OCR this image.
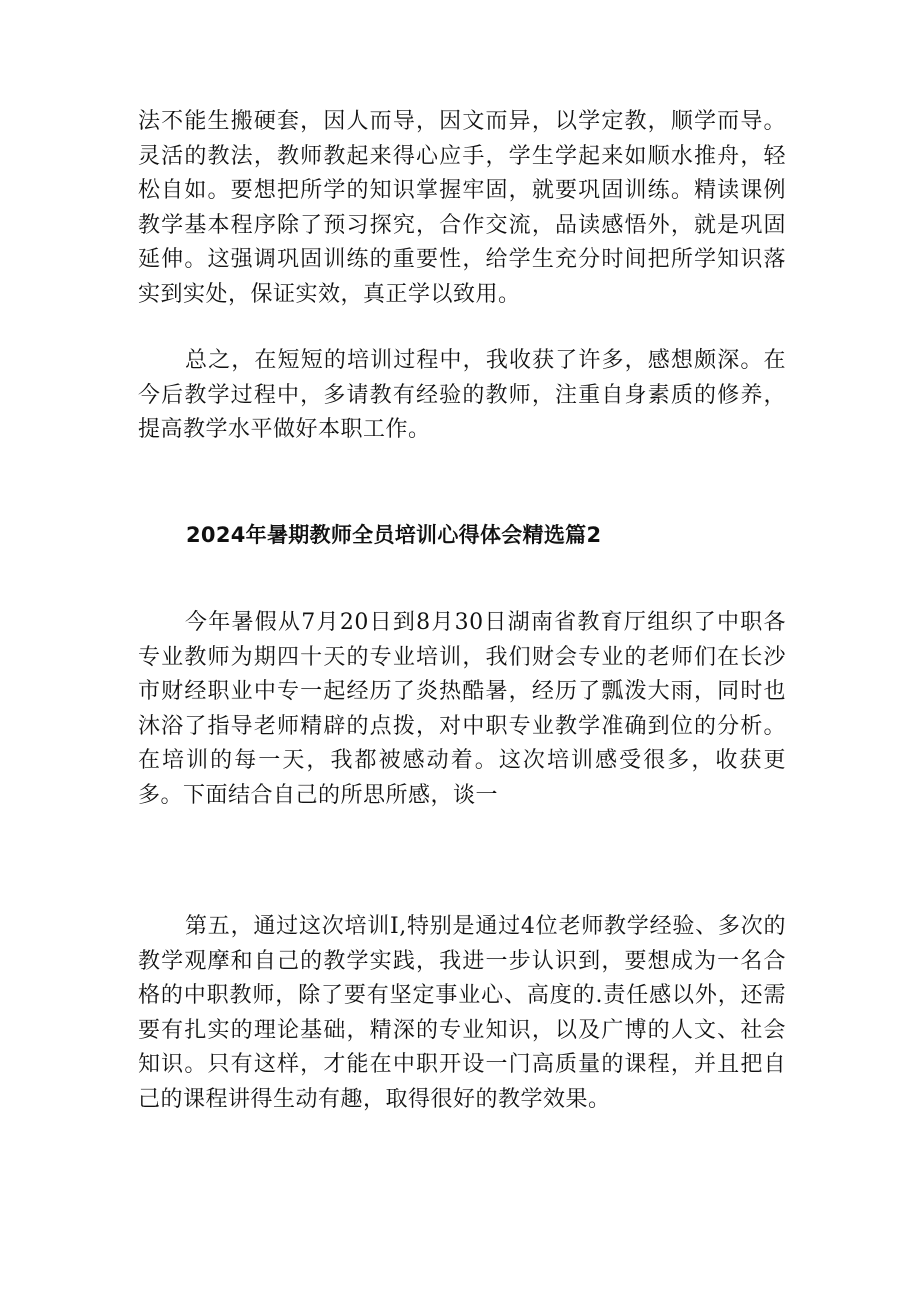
法不能生搬硬套，因人而导，因文而异，以学定教，顺学而导。灵活的教法，教师教起来得心应手，学生学起来如顺水推舟，轻松自如。要想把所学的知识掌握牢固，就要巩固训练。精读课例教学基本程序除了预习探究，合作交流，品读感悟外，就是巩固延伸。这强调巩固训练的重要性，给学生充分时间把所学知识落实到实处，保证实效，真正学以致用。

总之，在短短的培训过程中，我收获了许多，感想颇深。在今后教学过程中，多请教有经验的教师，注重自身素质的修养，提高教学水平做好本职工作。

2024年暑期教师全员培训心得体会精选篇2

今年暑假从7月20日到8月30日湖南省教育厅组织了中职各专业教师为期四十天的专业培训，我们财会专业的老师们在长沙市财经职业中专一起经历了炎热酷暑，经历了瓢泼大雨，同时也沐浴了指导老师精辟的点拨，对中职专业教学准确到位的分析。在培训的每一天，我都被感动着。这次培训感受很多，收获更多。下面结合自己的所思所感，谈一

第五，通过这次培训I,特别是通过4位老师教学经验、多次的教学观摩和自己的教学实践，我进一步认识到，要想成为一名合格的中职教师，除了要有坚定事业心、高度的.责任感以外，还需要有扎实的理论基础，精深的专业知识，以及广博的人文、社会知识。只有这样，才能在中职开设一门高质量的课程，并且把自己的课程讲得生动有趣，取得很好的教学效果。
